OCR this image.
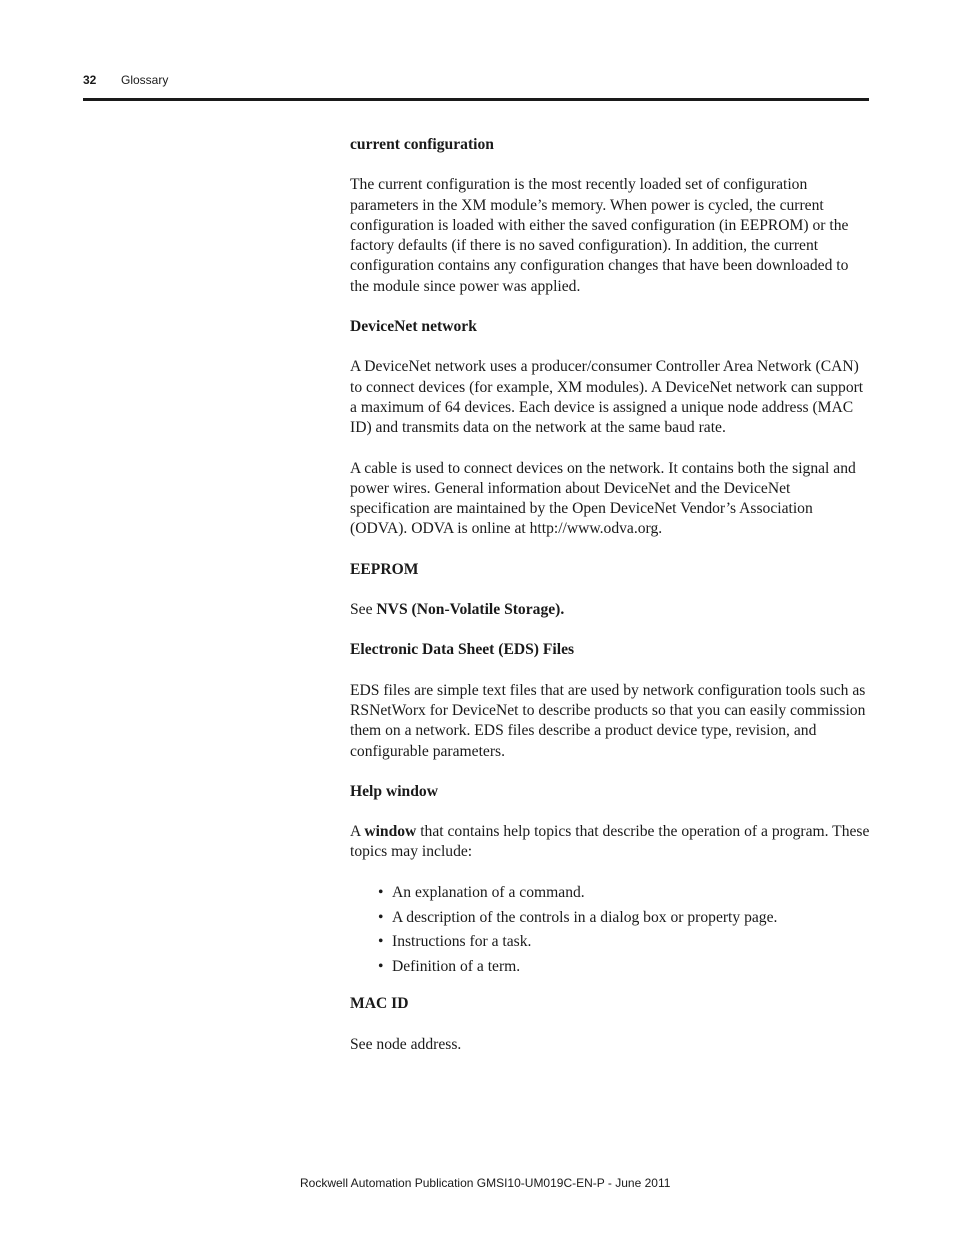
32 Glossary

current configuration

The current configuration is the most recently loaded set of configuration parameters in the XM module’s memory. When power is cycled, the current configuration is loaded with either the saved configuration (in EEPROM) or the factory defaults (if there is no saved configuration). In addition, the current configuration contains any configuration changes that have been downloaded to the module since power was applied.

DeviceNet network

A DeviceNet network uses a producer/consumer Controller Area Network (CAN) to connect devices (for example, XM modules). A DeviceNet network can support a maximum of 64 devices. Each device is assigned a unique node address (MAC ID) and transmits data on the network at the same baud rate.

A cable is used to connect devices on the network. It contains both the signal and power wires. General information about DeviceNet and the DeviceNet specification are maintained by the Open DeviceNet Vendor’s Association (ODVA). ODVA is online at http://www.odva.org.

EEPROM

See NVS (Non-Volatile Storage).

Electronic Data Sheet (EDS) Files

EDS files are simple text files that are used by network configuration tools such as RSNetWorx for DeviceNet to describe products so that you can easily commission them on a network. EDS files describe a product device type, revision, and configurable parameters.

Help window

A window that contains help topics that describe the operation of a program. These topics may include:

• An explanation of a command.
• A description of the controls in a dialog box or property page.
• Instructions for a task.
• Definition of a term.

MAC ID

See node address.

Rockwell Automation Publication GMSI10-UM019C-EN-P - June 2011
